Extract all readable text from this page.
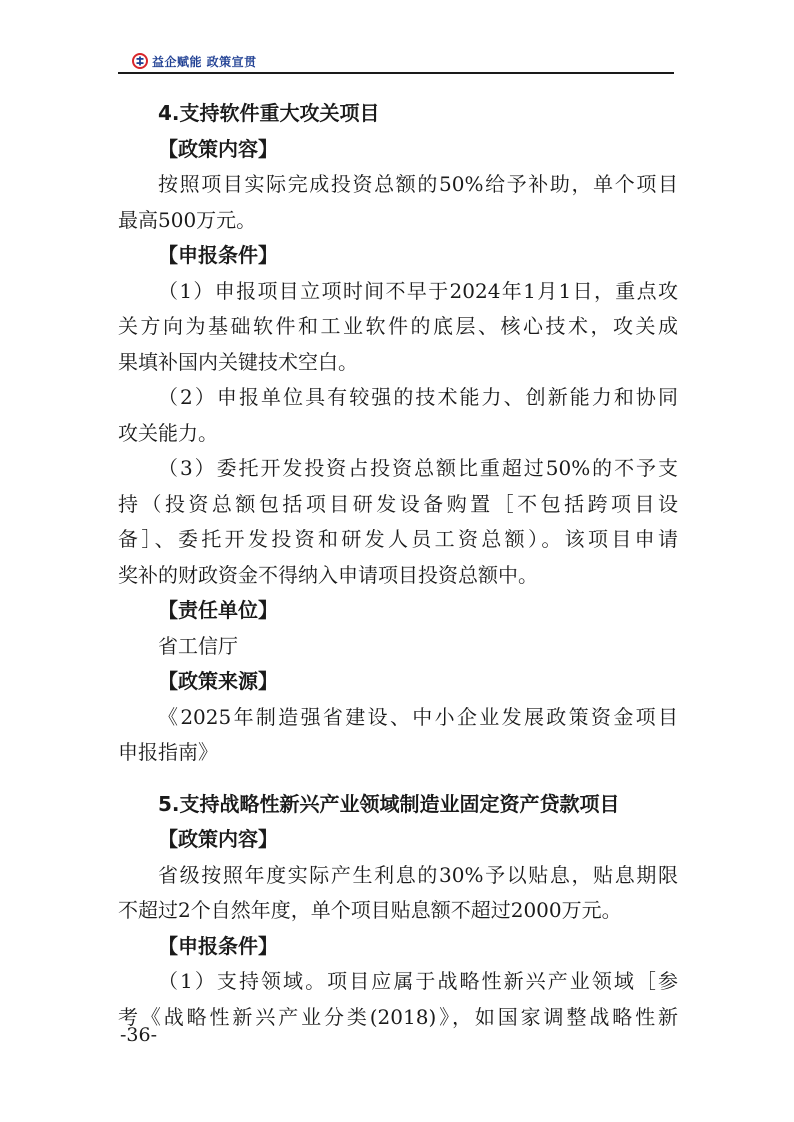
益企赋能 政策宣贯
4.支持软件重大攻关项目
【政策内容】
按照项目实际完成投资总额的50%给予补助，单个项目
最高500万元。
【申报条件】
（1）申报项目立项时间不早于2024年1月1日，重点攻
关方向为基础软件和工业软件的底层、核心技术，攻关成
果填补国内关键技术空白。
（2）申报单位具有较强的技术能力、创新能力和协同
攻关能力。
（3）委托开发投资占投资总额比重超过50%的不予支
持（投资总额包括项目研发设备购置［不包括跨项目设
备］、委托开发投资和研发人员工资总额）。该项目申请
奖补的财政资金不得纳入申请项目投资总额中。
【责任单位】
省工信厅
【政策来源】
《2025年制造强省建设、中小企业发展政策资金项目
申报指南》
5.支持战略性新兴产业领域制造业固定资产贷款项目
【政策内容】
省级按照年度实际产生利息的30%予以贴息，贴息期限
不超过2个自然年度，单个项目贴息额不超过2000万元。
【申报条件】
（1）支持领域。项目应属于战略性新兴产业领域［参
考《战略性新兴产业分类(2018)》，如国家调整战略性新
-36-
